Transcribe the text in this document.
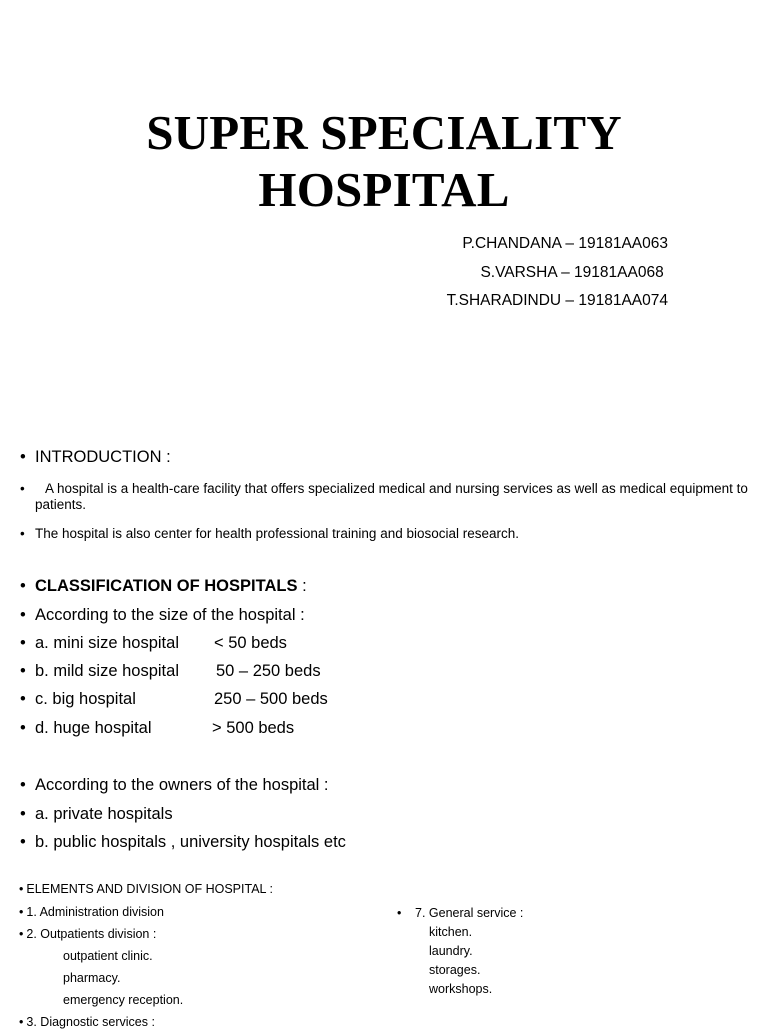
SUPER SPECIALITY
HOSPITAL
P.CHANDANA – 19181AA063
S.VARSHA – 19181AA068
T.SHARADINDU – 19181AA074
• INTRODUCTION :
• A hospital is a health-care facility that offers specialized medical and nursing services as well as medical equipment to patients.
• The hospital is also center for health professional training and biosocial research.
• CLASSIFICATION OF HOSPITALS :
• According to the size of the hospital :
• a. mini size hospital < 50 beds
• b. mild size hospital 50 – 250 beds
• c. big hospital	250 – 500 beds
• d. huge hospital	> 500 beds
• According to the owners of the hospital :
• a. private hospitals
• b. public hospitals , university hospitals etc
• ELEMENTS AND DIVISION OF HOSPITAL :
• 1. Administration division
• 2. Outpatients division :
outpatient clinic.
pharmacy.
emergency reception.
• 3. Diagnostic services :
• 7. General service :
kitchen.
laundry.
storages.
workshops.
